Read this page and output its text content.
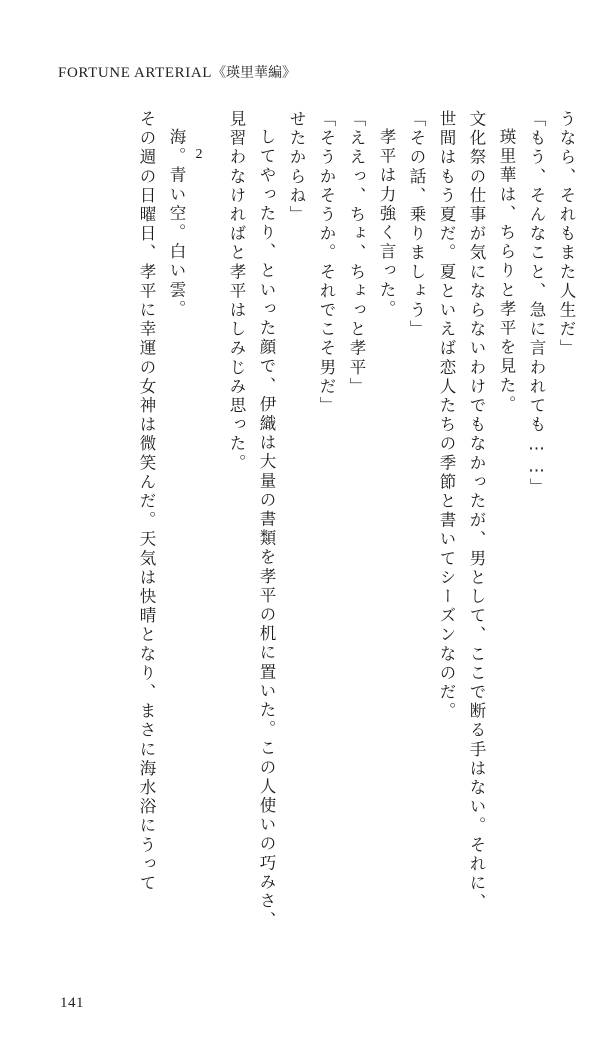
FORTUNE ARTERIAL《瑛里華編》
うなら、それもまた人生だ」
「もう、そんなこと、急に言われても……」
瑛里華は、ちらりと孝平を見た。
文化祭の仕事が気にならないわけでもなかったが、男として、ここで断る手はない。それに、
世間はもう夏だ。夏といえば恋人たちの季節と書いてシーズンなのだ。
「その話、乗りましょう」
孝平は力強く言った。
「ええっ、ちょ、ちょっと孝平」
「そうかそうか。それでこそ男だ」
せたからね」
してやったり、といった顔で、伊織は大量の書類を孝平の机に置いた。この人使いの巧みさ、
見習わなければと孝平はしみじみ思った。
2
海。青い空。白い雲。
その週の日曜日、孝平に幸運の女神は微笑んだ。天気は快晴となり、まさに海水浴にうって
141
